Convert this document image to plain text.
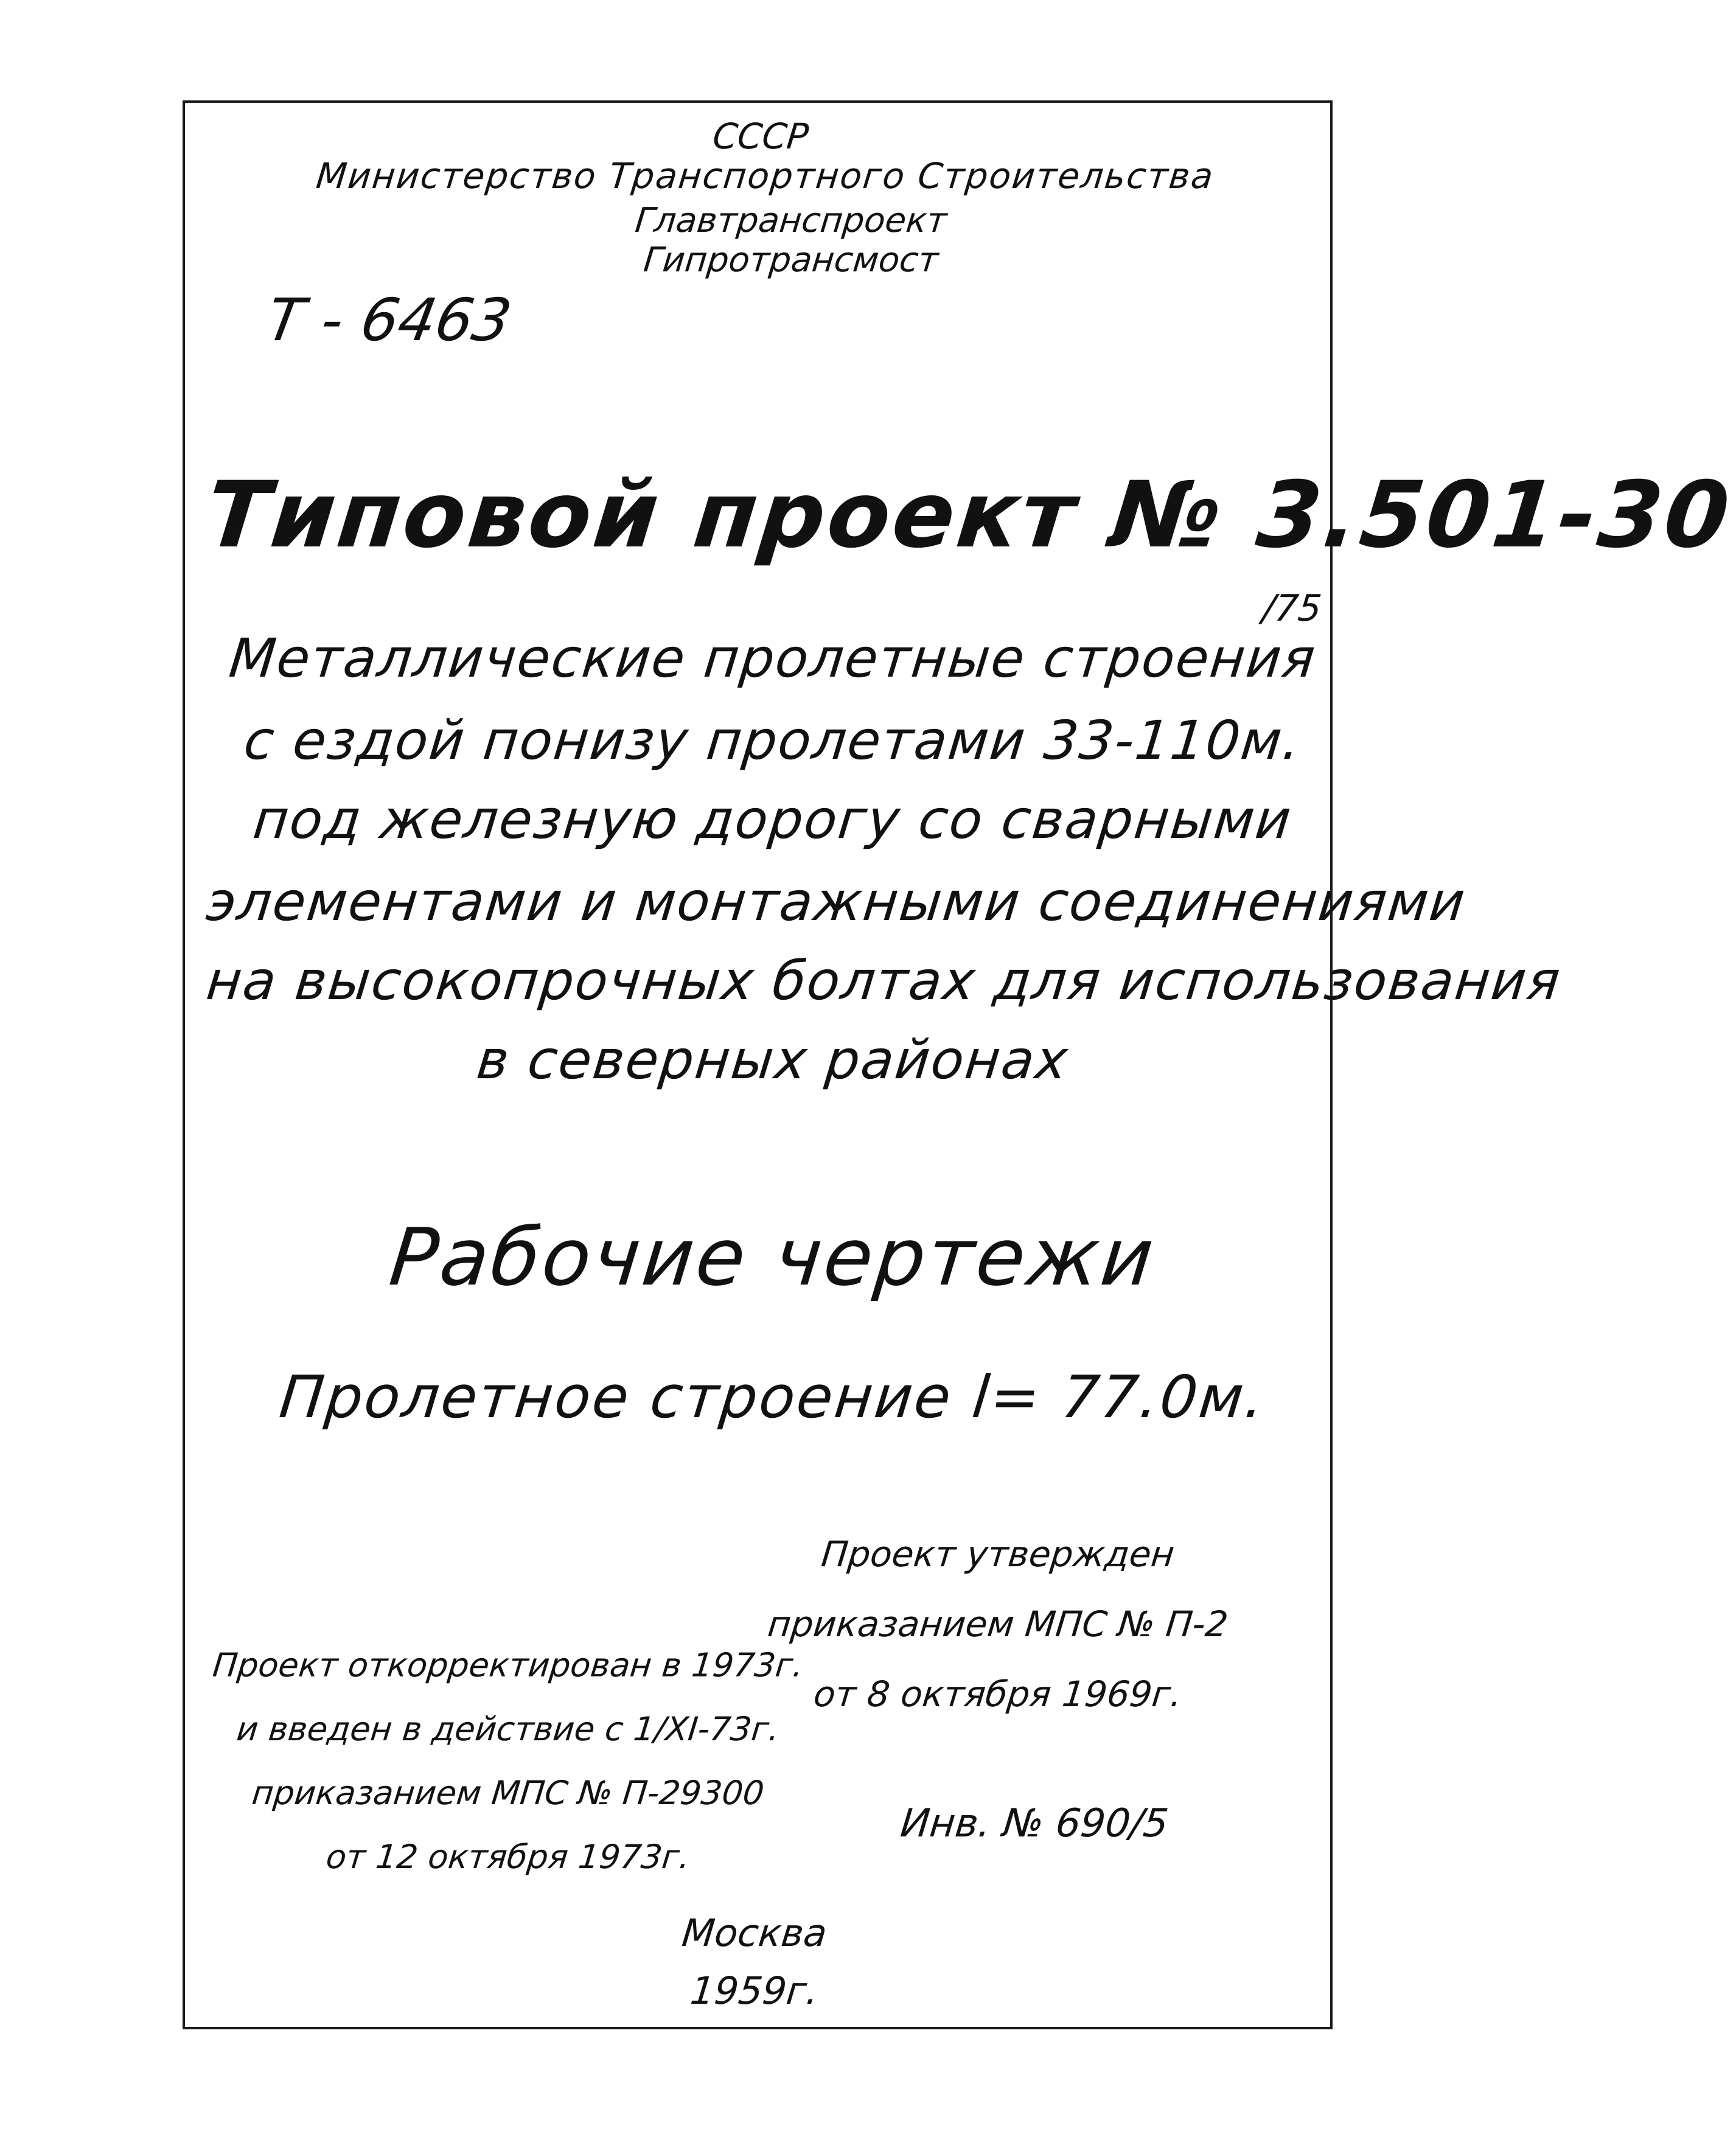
СССР
Министерство Транспортного Строительства
Главтранспроект
Гипротрансмост
Т - 6463
Типовой проект № 3.501-30
/75
Металлические пролетные строения
с ездой понизу пролетами 33-110м.
под железную дорогу со сварными
элементами и монтажными соединениями
на высокопрочных болтах для использования
в северных районах
Рабочие чертежи
Пролетное строение l= 77.0м.
Проект утвержден
приказанием МПС № П-2
от 8 октября 1969г.
Проект откорректирован в 1973г.
и введен в действие с 1/XI-73г.
приказанием МПС № П-29300
от 12 октября 1973г.
Инв. № 690/5
Москва
1959г.
